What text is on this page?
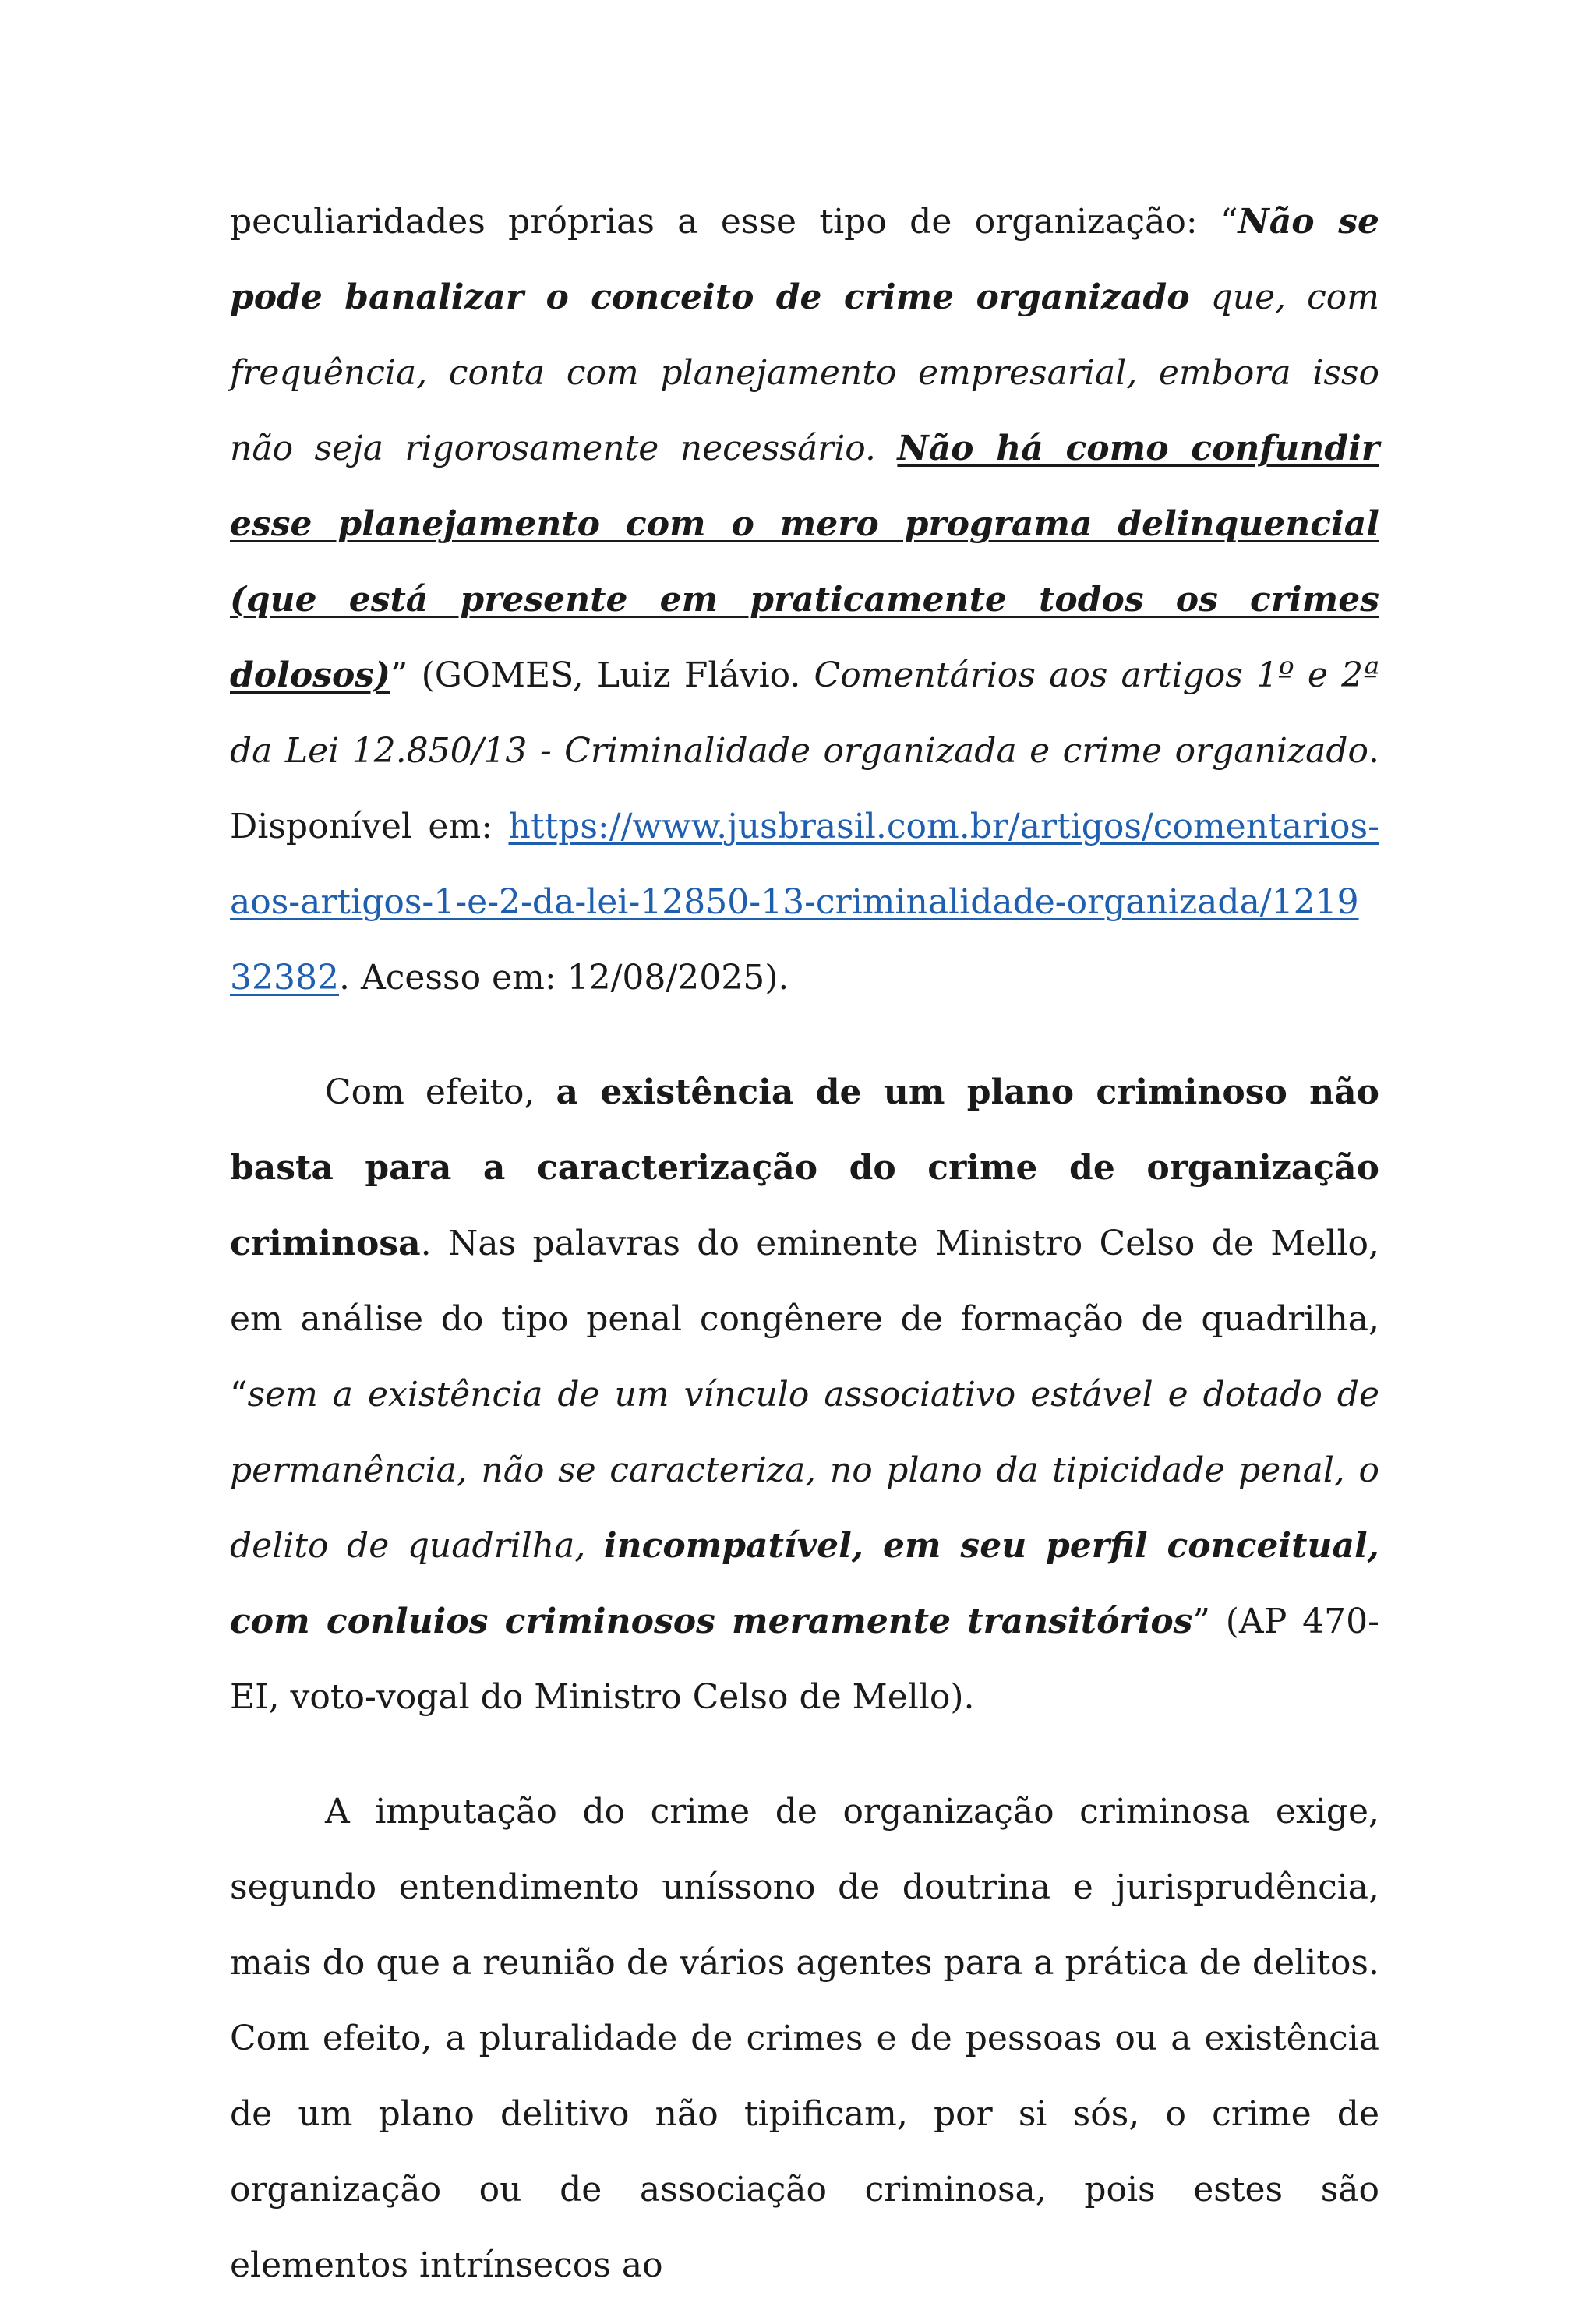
peculiaridades próprias a esse tipo de organização: “Não se pode banalizar o conceito de crime organizado que, com frequência, conta com planejamento empresarial, embora isso não seja rigorosamente necessário. Não há como confundir esse planejamento com o mero programa delinquencial (que está presente em praticamente todos os crimes dolosos)” (GOMES, Luiz Flávio. Comentários aos artigos 1º e 2ª da Lei 12.850/13 - Criminalidade organizada e crime organizado. Disponível em: https://www.jusbrasil.com.br/artigos/comentarios-aos-artigos-1-e-2-da-lei-12850-13-criminalidade-organizada/121932382. Acesso em: 12/08/2025).

Com efeito, a existência de um plano criminoso não basta para a caracterização do crime de organização criminosa. Nas palavras do eminente Ministro Celso de Mello, em análise do tipo penal congênere de formação de quadrilha, “sem a existência de um vínculo associativo estável e dotado de permanência, não se caracteriza, no plano da tipicidade penal, o delito de quadrilha, incompatível, em seu perfil conceitual, com conluios criminosos meramente transitórios” (AP 470-EI, voto-vogal do Ministro Celso de Mello).

A imputação do crime de organização criminosa exige, segundo entendimento uníssono de doutrina e jurisprudência, mais do que a reunião de vários agentes para a prática de delitos. Com efeito, a pluralidade de crimes e de pessoas ou a existência de um plano delitivo não tipificam, por si sós, o crime de organização ou de associação criminosa, pois estes são elementos intrínsecos ao
